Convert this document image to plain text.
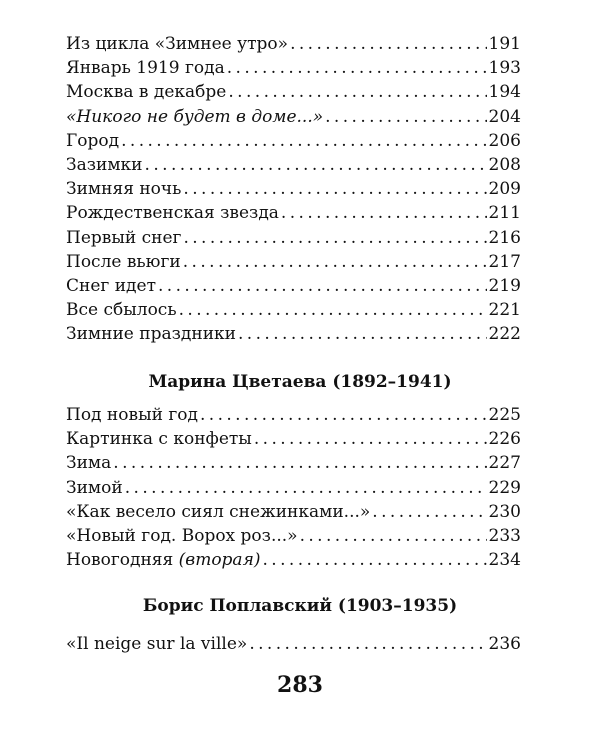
Из цикла «Зимнее утро» . . .	191
Январь 1919 года . . .	193
Москва в декабре . . .	194
«Никого не будет в доме...» . . .	204
Город . . .	206
Зазимки . . .	208
Зимняя ночь . . .	209
Рождественская звезда . . .	211
Первый снег . . .	216
После вьюги . . .	217
Снег идет . . .	219
Все сбылось . . .	221
Зимние праздники . . .	222
Марина Цветаева (1892–1941)
Под новый год . . .	225
Картинка с конфеты . . .	226
Зима . . .	227
Зимой . . .	229
«Как весело сиял снежинками...» . . .	230
«Новый год. Ворох роз...» . . .	233
Новогодняя (вторая) . . .	234
Борис Поплавский (1903–1935)
«Il neige sur la ville» . . .	236
283
